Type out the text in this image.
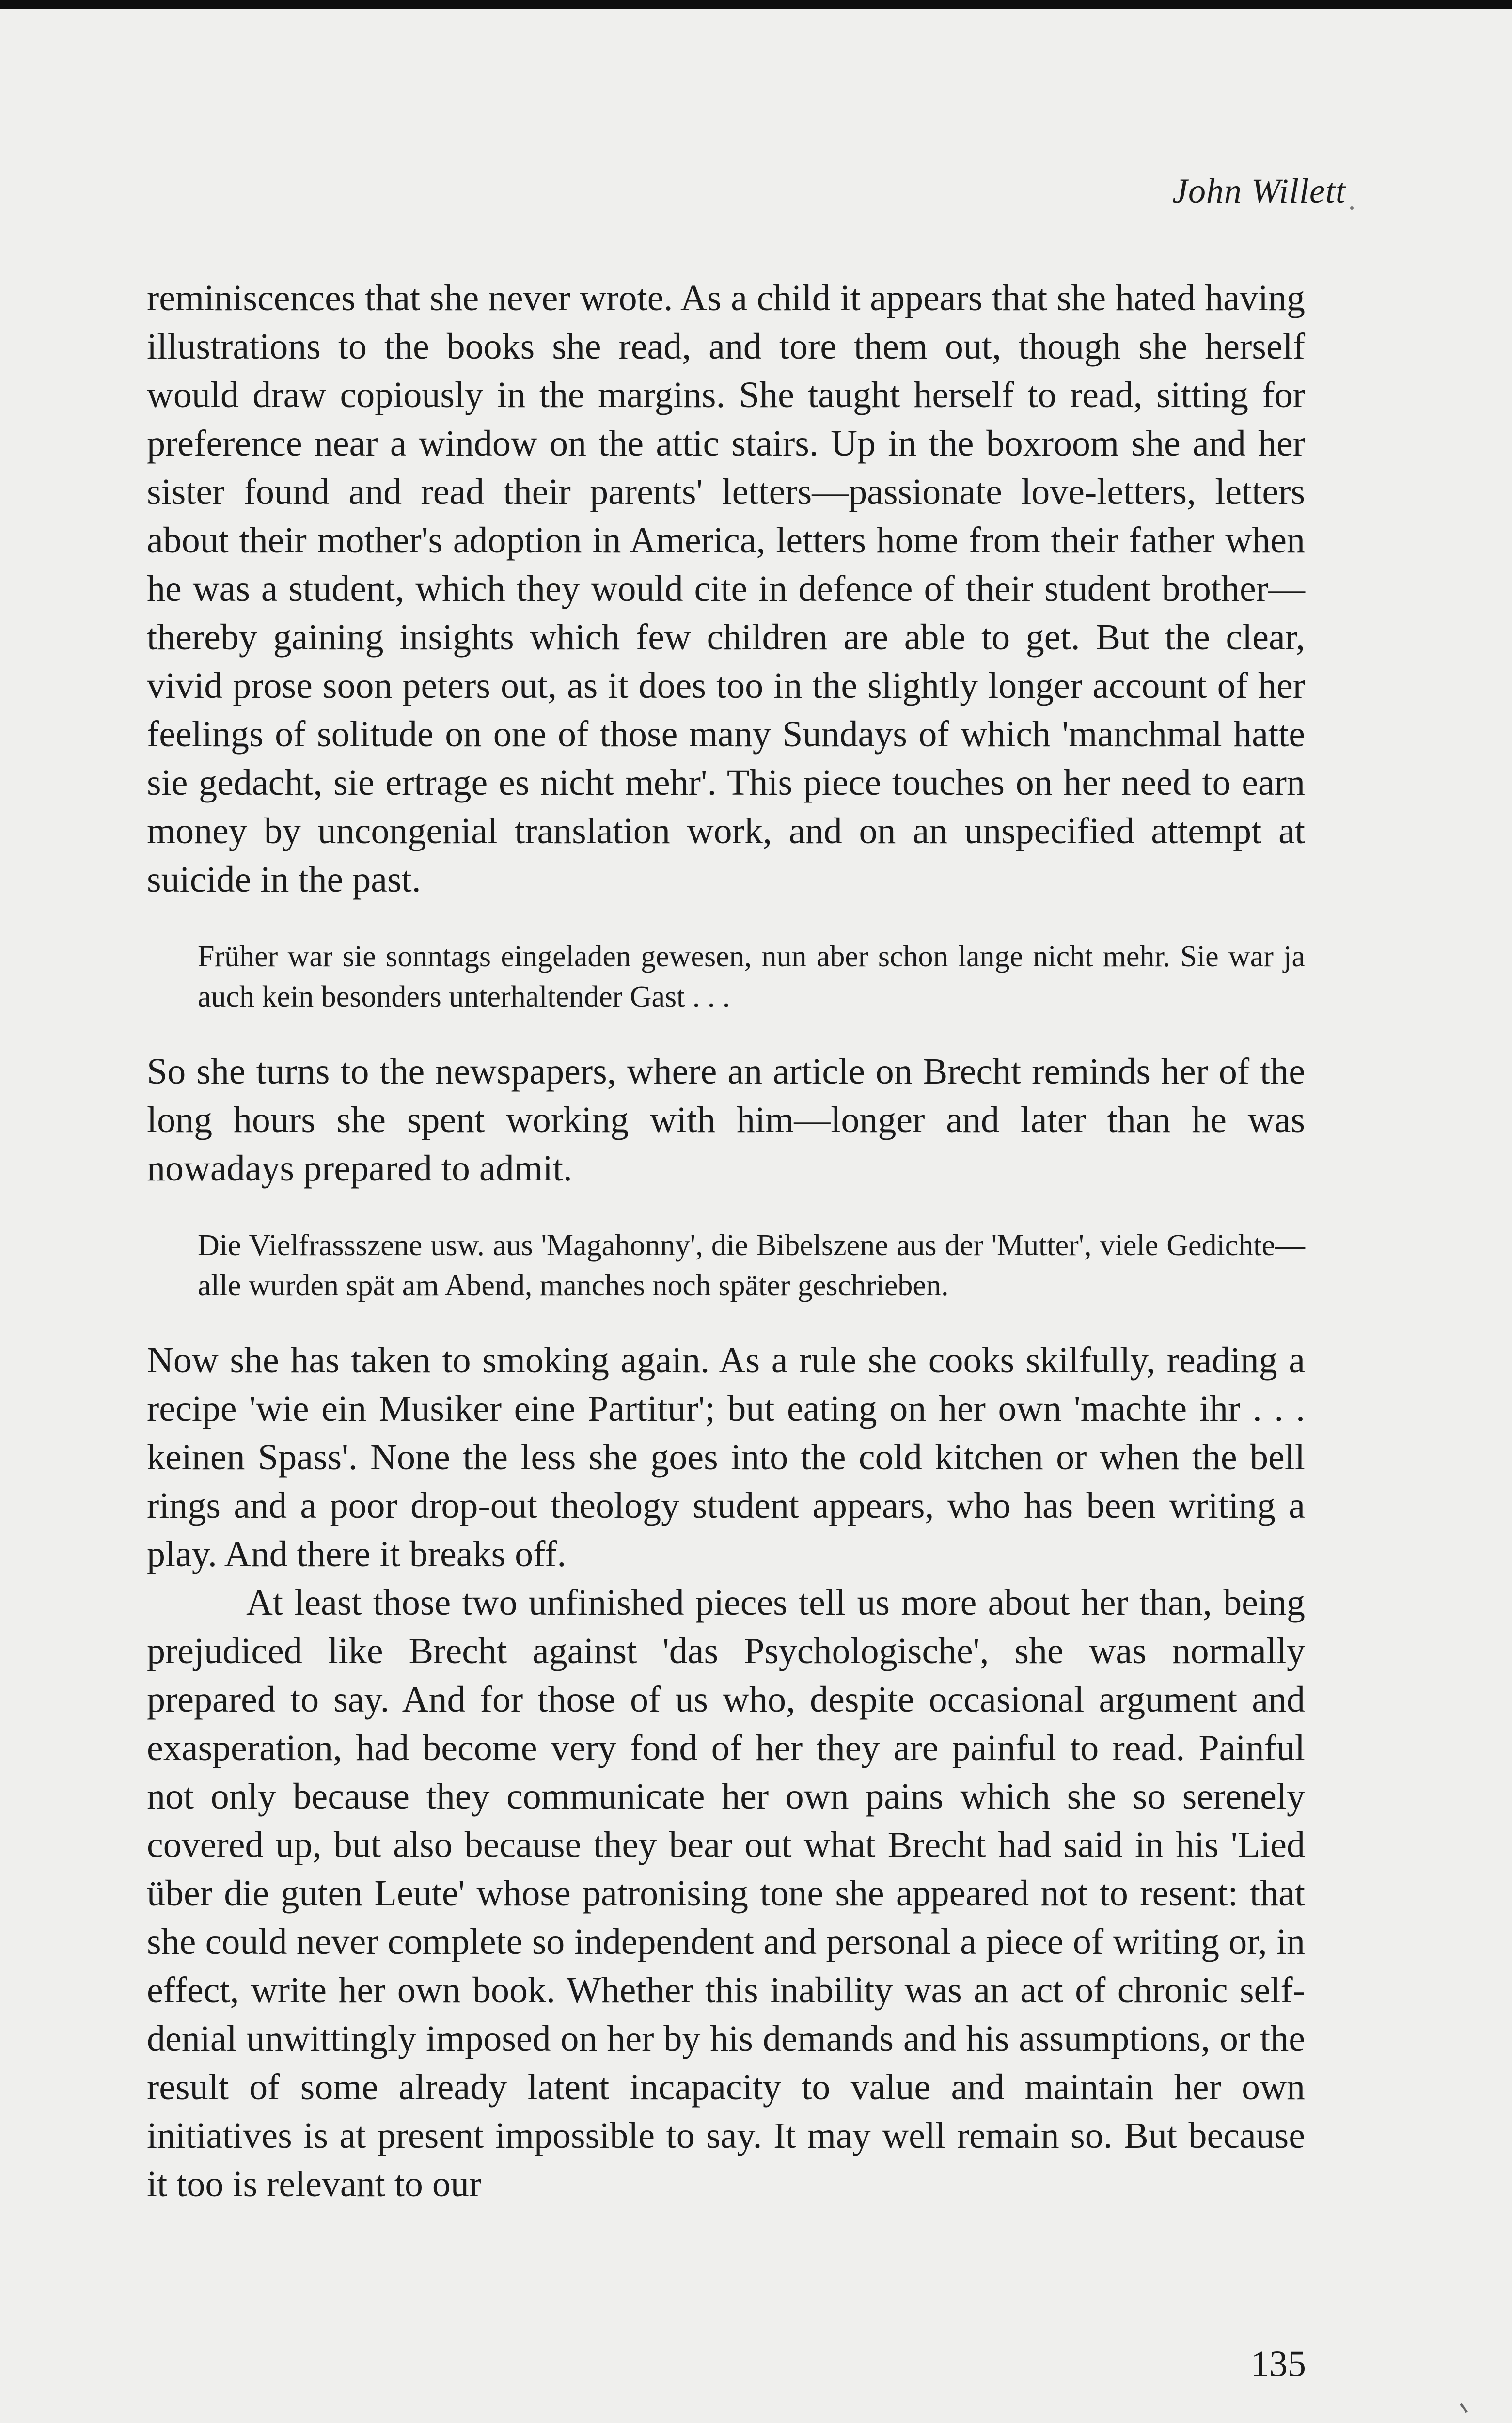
John Willett

reminiscences that she never wrote. As a child it appears that she hated having illustrations to the books she read, and tore them out, though she herself would draw copiously in the margins. She taught herself to read, sitting for preference near a window on the attic stairs. Up in the boxroom she and her sister found and read their parents' letters—passionate love-letters, letters about their mother's adoption in America, letters home from their father when he was a student, which they would cite in defence of their student brother—thereby gaining insights which few children are able to get. But the clear, vivid prose soon peters out, as it does too in the slightly longer account of her feelings of solitude on one of those many Sundays of which 'manchmal hatte sie gedacht, sie ertrage es nicht mehr'. This piece touches on her need to earn money by uncongenial translation work, and on an unspecified attempt at suicide in the past.

Früher war sie sonntags eingeladen gewesen, nun aber schon lange nicht mehr. Sie war ja auch kein besonders unterhaltender Gast . . .

So she turns to the newspapers, where an article on Brecht reminds her of the long hours she spent working with him—longer and later than he was nowadays prepared to admit.

Die Vielfrassszene usw. aus 'Magahonny', die Bibelszene aus der 'Mutter', viele Gedichte—alle wurden spät am Abend, manches noch später geschrieben.

Now she has taken to smoking again. As a rule she cooks skilfully, reading a recipe 'wie ein Musiker eine Partitur'; but eating on her own 'machte ihr . . . keinen Spass'. None the less she goes into the cold kitchen or when the bell rings and a poor drop-out theology student appears, who has been writing a play. And there it breaks off.

At least those two unfinished pieces tell us more about her than, being prejudiced like Brecht against 'das Psychologische', she was normally prepared to say. And for those of us who, despite occasional argument and exasperation, had become very fond of her they are painful to read. Painful not only because they communicate her own pains which she so serenely covered up, but also because they bear out what Brecht had said in his 'Lied über die guten Leute' whose patronising tone she appeared not to resent: that she could never complete so independent and personal a piece of writing or, in effect, write her own book. Whether this inability was an act of chronic self-denial unwittingly imposed on her by his demands and his assumptions, or the result of some already latent incapacity to value and maintain her own initiatives is at present impossible to say. It may well remain so. But because it too is relevant to our

135
